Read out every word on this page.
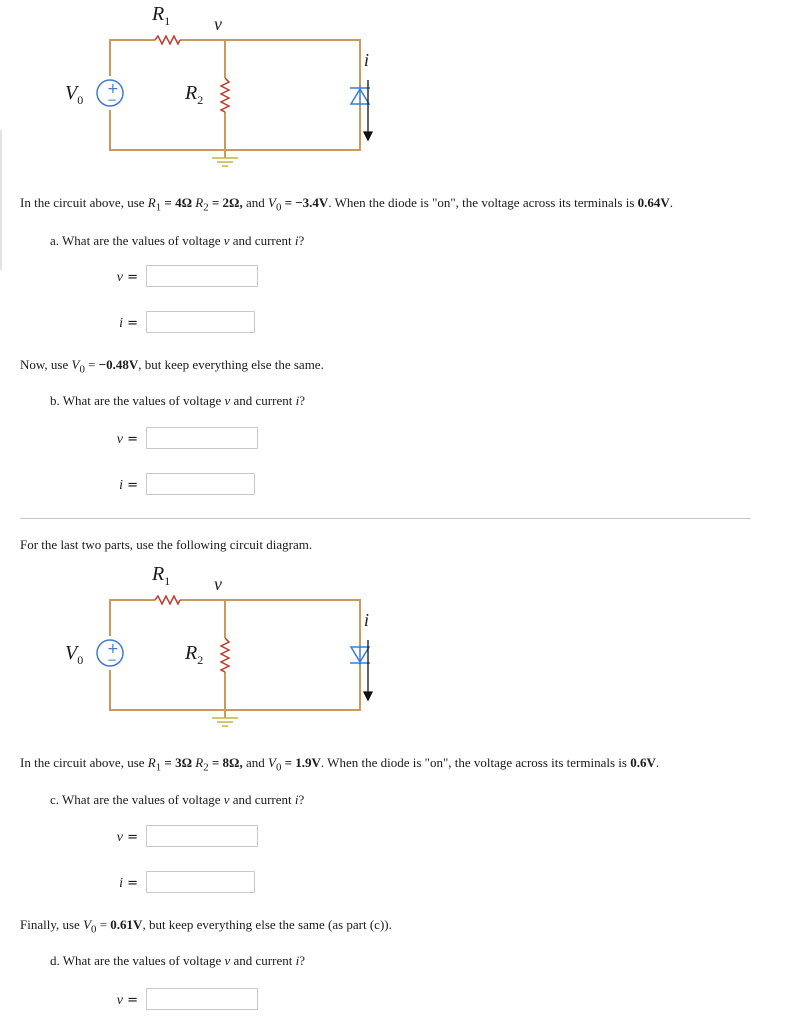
+
−
$R_1$ v
$V_0$	$R_2$
i
In the circuit above, use $R_1 = 4\Omega$ $R_2 = 2\Omega$, and $V_0 = -3.4V$. When the diode is "on", the voltage across its terminals is 0.64V.
a. What are the values of voltage v and current i?
v =
i =
Now, use $V_0 = -0.48V$, but keep everything else the same.
b. What are the values of voltage v and current i?
v =
i =
For the last two parts, use the following circuit diagram.
+
−
$R_1$ v
$V_0$	$R_2$
i
In the circuit above, use $R_1 = 3\Omega$ $R_2 = 8\Omega$, and $V_0 = 1.9V$. When the diode is "on", the voltage across its terminals is 0.6V.
c. What are the values of voltage v and current i?
v =
i =
Finally, use $V_0 = 0.61V$, but keep everything else the same (as part (c)).
d. What are the values of voltage v and current i?
v =
